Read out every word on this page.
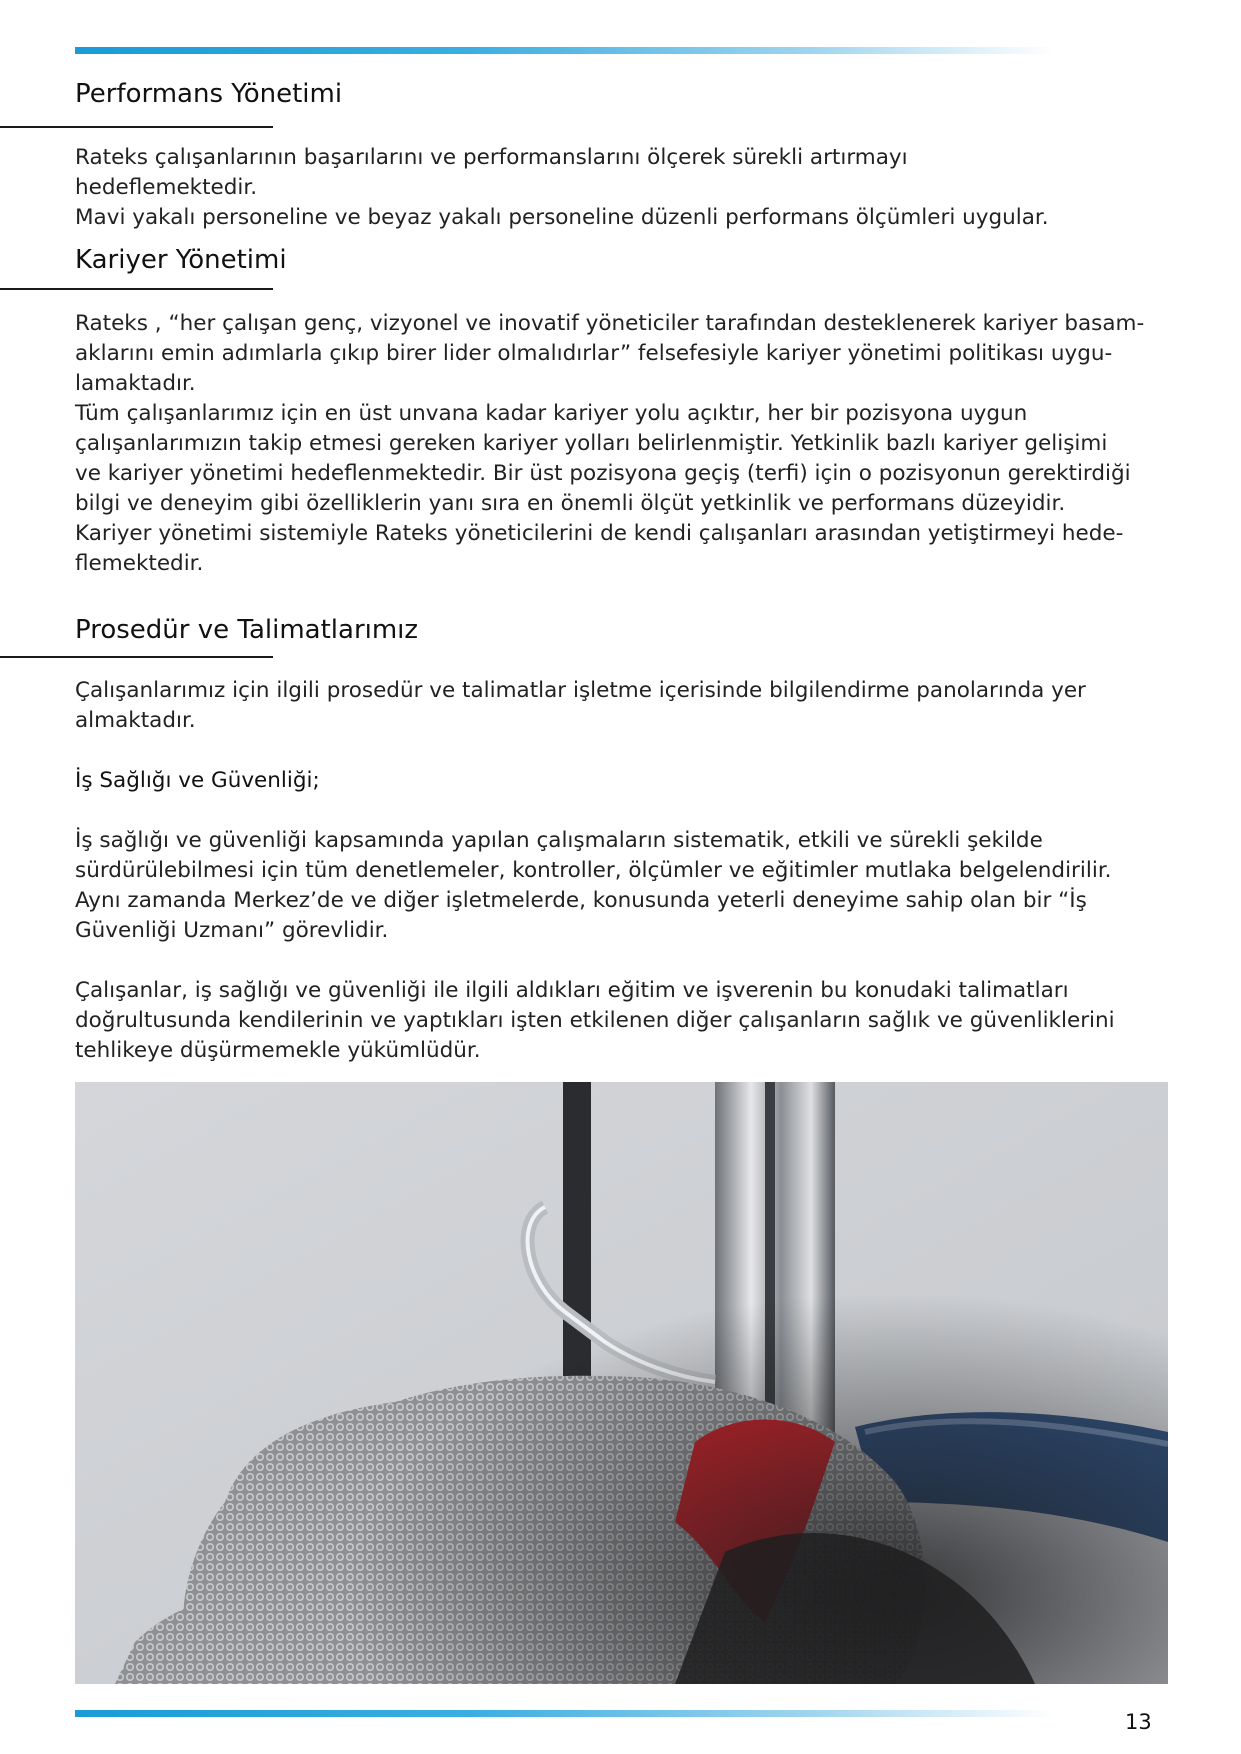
Performans Yönetimi

Rateks çalışanlarının başarılarını ve performanslarını ölçerek sürekli artırmayı
hedeflemektedir.
Mavi yakalı personeline ve beyaz yakalı personeline düzenli performans ölçümleri uygular.

Kariyer Yönetimi

Rateks , “her çalışan genç, vizyonel ve inovatif yöneticiler tarafından desteklenerek kariyer basam-
aklarını emin adımlarla çıkıp birer lider olmalıdırlar” felsefesiyle kariyer yönetimi politikası uygu-
lamaktadır.
Tüm çalışanlarımız için en üst unvana kadar kariyer yolu açıktır, her bir pozisyona uygun
çalışanlarımızın takip etmesi gereken kariyer yolları belirlenmiştir. Yetkinlik bazlı kariyer gelişimi
ve kariyer yönetimi hedeflenmektedir. Bir üst pozisyona geçiş (terfi) için o pozisyonun gerektirdiği
bilgi ve deneyim gibi özelliklerin yanı sıra en önemli ölçüt yetkinlik ve performans düzeyidir.
Kariyer yönetimi sistemiyle Rateks yöneticilerini de kendi çalışanları arasından yetiştirmeyi hede-
flemektedir.

Prosedür ve Talimatlarımız

Çalışanlarımız için ilgili prosedür ve talimatlar işletme içerisinde bilgilendirme panolarında yer
almaktadır.

İş Sağlığı ve Güvenliği;

İş sağlığı ve güvenliği kapsamında yapılan çalışmaların sistematik, etkili ve sürekli şekilde
sürdürülebilmesi için tüm denetlemeler, kontroller, ölçümler ve eğitimler mutlaka belgelendirilir.
Aynı zamanda Merkez’de ve diğer işletmelerde, konusunda yeterli deneyime sahip olan bir “İş
Güvenliği Uzmanı” görevlidir.

Çalışanlar, iş sağlığı ve güvenliği ile ilgili aldıkları eğitim ve işverenin bu konudaki talimatları
doğrultusunda kendilerinin ve yaptıkları işten etkilenen diğer çalışanların sağlık ve güvenliklerini
tehlikeye düşürmemekle yükümlüdür.

13
